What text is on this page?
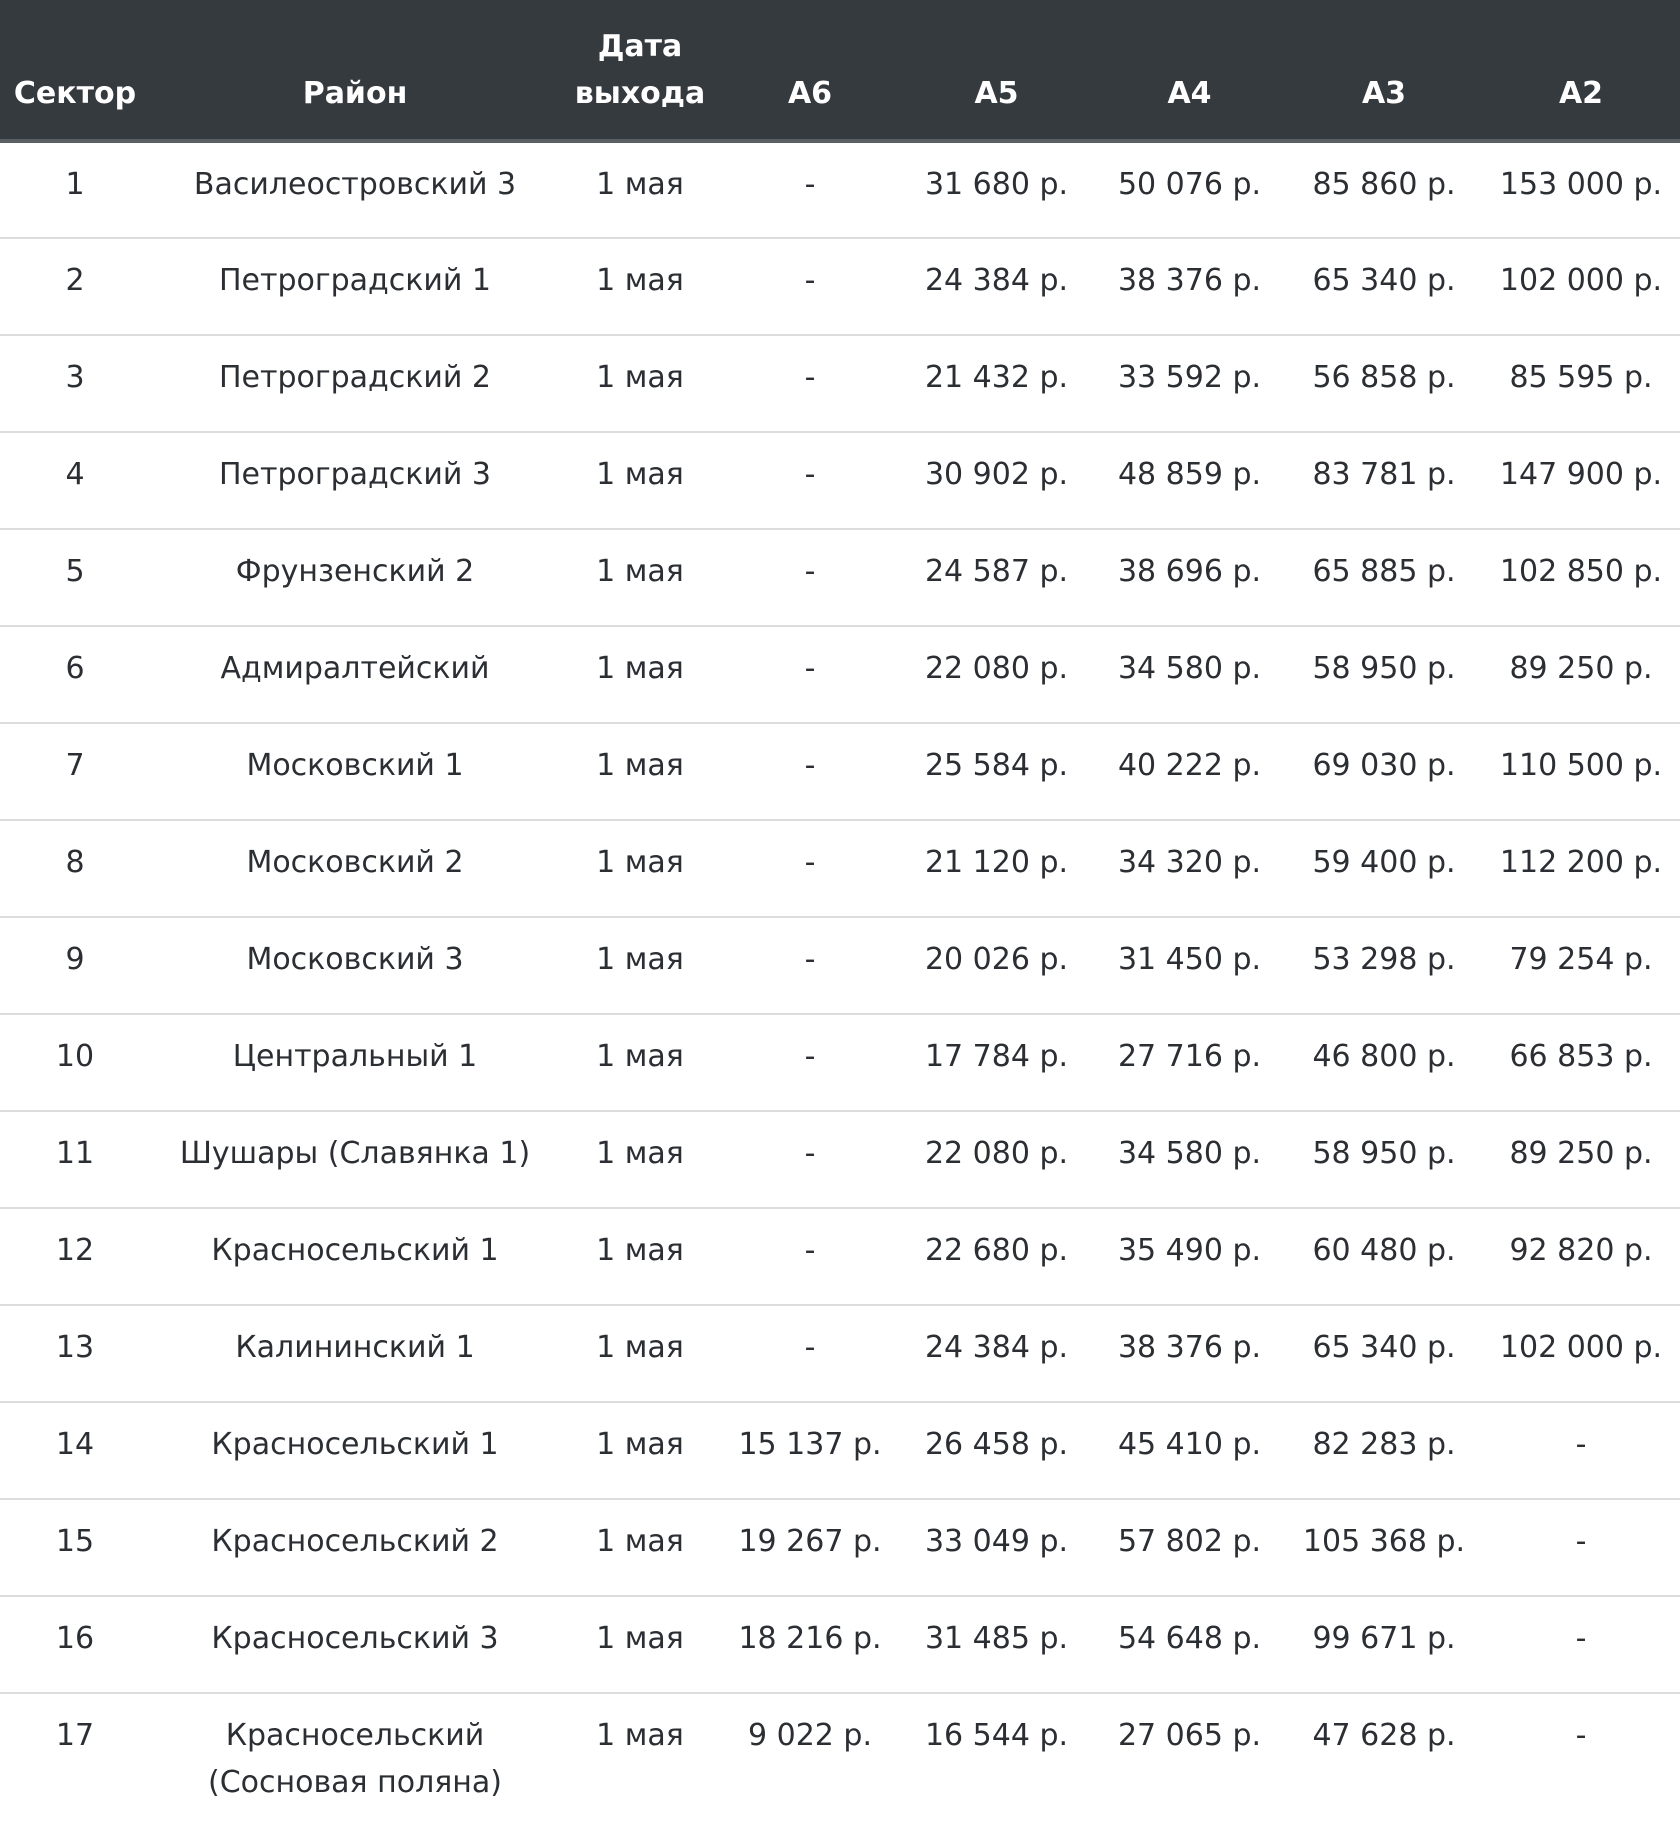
Сектор	Район	Дата выхода	А6	А5	А4	А3	А2
1	Василеостровский 3	1 мая	-	31 680 р.	50 076 р.	85 860 р.	153 000 р.
2	Петроградский 1	1 мая	-	24 384 р.	38 376 р.	65 340 р.	102 000 р.
3	Петроградский 2	1 мая	-	21 432 р.	33 592 р.	56 858 р.	85 595 р.
4	Петроградский 3	1 мая	-	30 902 р.	48 859 р.	83 781 р.	147 900 р.
5	Фрунзенский 2	1 мая	-	24 587 р.	38 696 р.	65 885 р.	102 850 р.
6	Адмиралтейский	1 мая	-	22 080 р.	34 580 р.	58 950 р.	89 250 р.
7	Московский 1	1 мая	-	25 584 р.	40 222 р.	69 030 р.	110 500 р.
8	Московский 2	1 мая	-	21 120 р.	34 320 р.	59 400 р.	112 200 р.
9	Московский 3	1 мая	-	20 026 р.	31 450 р.	53 298 р.	79 254 р.
10	Центральный 1	1 мая	-	17 784 р.	27 716 р.	46 800 р.	66 853 р.
11	Шушары (Славянка 1)	1 мая	-	22 080 р.	34 580 р.	58 950 р.	89 250 р.
12	Красносельский 1	1 мая	-	22 680 р.	35 490 р.	60 480 р.	92 820 р.
13	Калининский 1	1 мая	-	24 384 р.	38 376 р.	65 340 р.	102 000 р.
14	Красносельский 1	1 мая	15 137 р.	26 458 р.	45 410 р.	82 283 р.	-
15	Красносельский 2	1 мая	19 267 р.	33 049 р.	57 802 р.	105 368 р.	-
16	Красносельский 3	1 мая	18 216 р.	31 485 р.	54 648 р.	99 671 р.	-
17	Красносельский (Сосновая поляна)	1 мая	9 022 р.	16 544 р.	27 065 р.	47 628 р.	-
